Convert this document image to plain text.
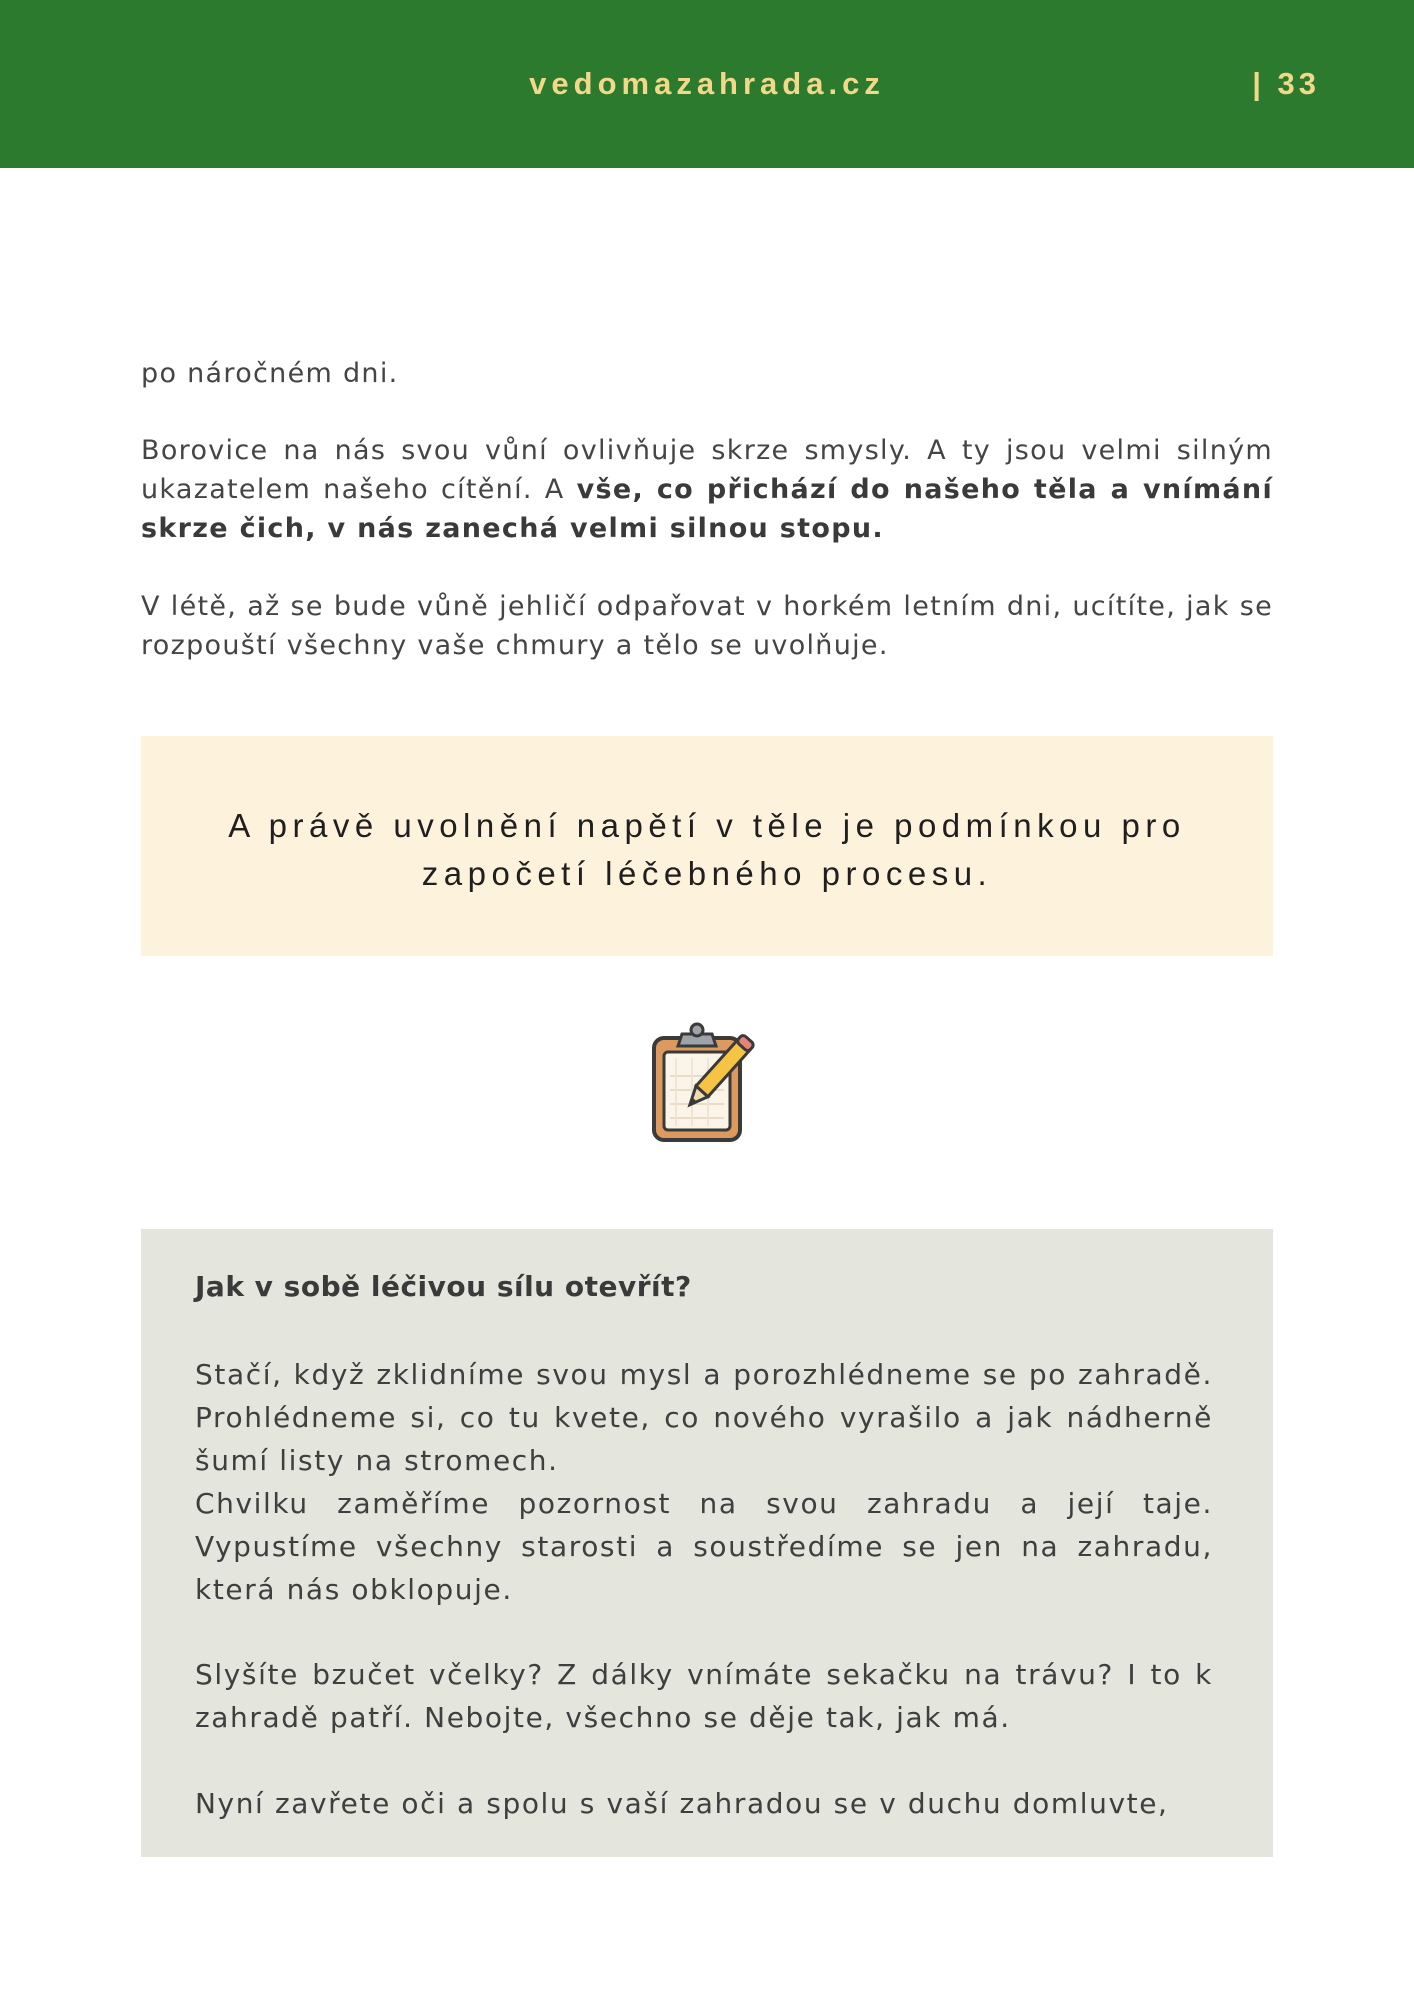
vedomazahrada.cz	| 33

po náročném dni.

Borovice na nás svou vůní ovlivňuje skrze smysly. A ty jsou velmi silným ukazatelem našeho cítění. A vše, co přichází do našeho těla a vnímání skrze čich, v nás zanechá velmi silnou stopu.

V létě, až se bude vůně jehličí odpařovat v horkém letním dni, ucítíte, jak se rozpouští všechny vaše chmury a tělo se uvolňuje.

A právě uvolnění napětí v těle je podmínkou pro započetí léčebného procesu.

Jak v sobě léčivou sílu otevřít?

Stačí, když zklidníme svou mysl a porozhlédneme se po zahradě. Prohlédneme si, co tu kvete, co nového vyrašilo a jak nádherně šumí listy na stromech.

Chvilku zaměříme pozornost na svou zahradu a její taje. Vypustíme všechny starosti a soustředíme se jen na zahradu, která nás obklopuje.

Slyšíte bzučet včelky? Z dálky vnímáte sekačku na trávu? I to k zahradě patří. Nebojte, všechno se děje tak, jak má.

Nyní zavřete oči a spolu s vaší zahradou se v duchu domluvte,
